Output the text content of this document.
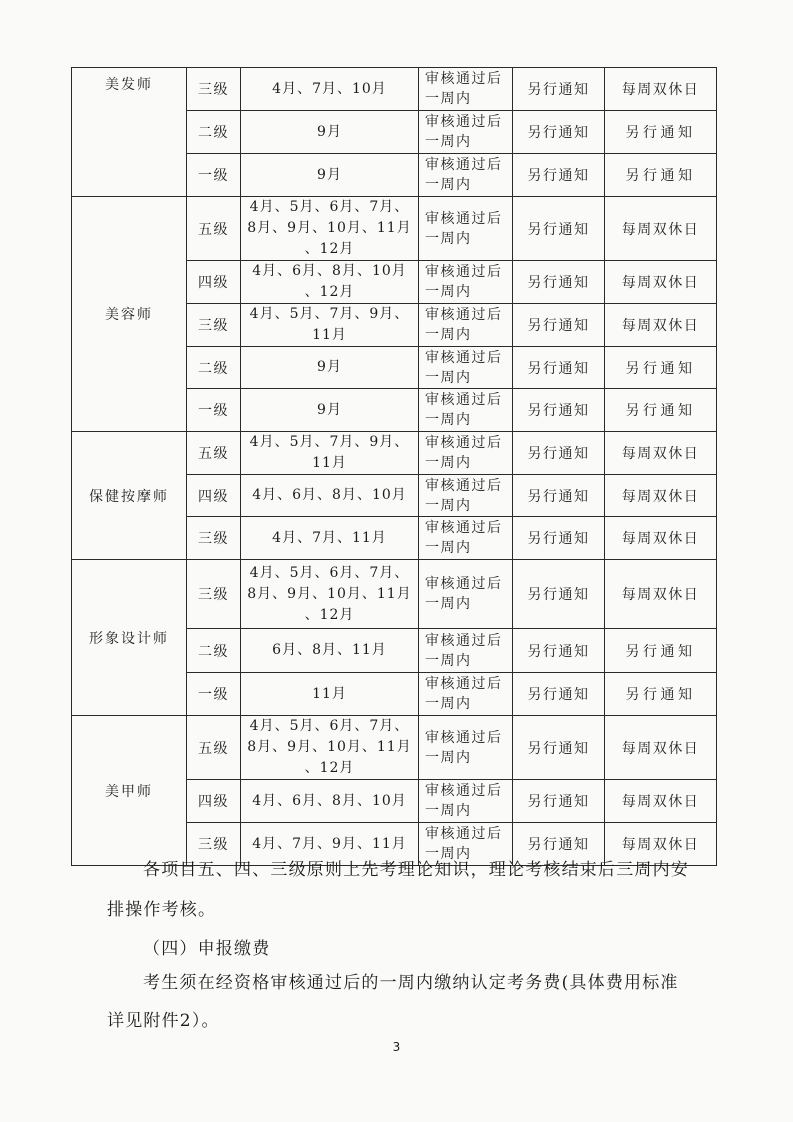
美发师	三级	4月、7月、10月	审核通过后
一周内	另行通知	每周双休日
	二级	9月	审核通过后
一周内	另行通知	另行通知
	一级	9月	审核通过后
一周内	另行通知	另行通知
美容师	五级	4月、5月、6月、7月、
8月、9月、10月、11月
、12月	审核通过后
一周内	另行通知	每周双休日
	四级	4月、6月、8月、10月
、12月	审核通过后
一周内	另行通知	每周双休日
	三级	4月、5月、7月、9月、
11月	审核通过后
一周内	另行通知	每周双休日
	二级	9月	审核通过后
一周内	另行通知	另行通知
	一级	9月	审核通过后
一周内	另行通知	另行通知
保健按摩师	五级	4月、5月、7月、9月、
11月	审核通过后
一周内	另行通知	每周双休日
	四级	4月、6月、8月、10月	审核通过后
一周内	另行通知	每周双休日
	三级	4月、7月、11月	审核通过后
一周内	另行通知	每周双休日
形象设计师	三级	4月、5月、6月、7月、
8月、9月、10月、11月
、12月	审核通过后
一周内	另行通知	每周双休日
	二级	6月、8月、11月	审核通过后
一周内	另行通知	另行通知
	一级	11月	审核通过后
一周内	另行通知	另行通知
美甲师	五级	4月、5月、6月、7月、
8月、9月、10月、11月
、12月	审核通过后
一周内	另行通知	每周双休日
	四级	4月、6月、8月、10月	审核通过后
一周内	另行通知	每周双休日
	三级	4月、7月、9月、11月	审核通过后
一周内	另行通知	每周双休日
各项目五、四、三级原则上先考理论知识，理论考核结束后三周内安
排操作考核。
（四）申报缴费
考生须在经资格审核通过后的一周内缴纳认定考务费(具体费用标准
详见附件2）。
3
